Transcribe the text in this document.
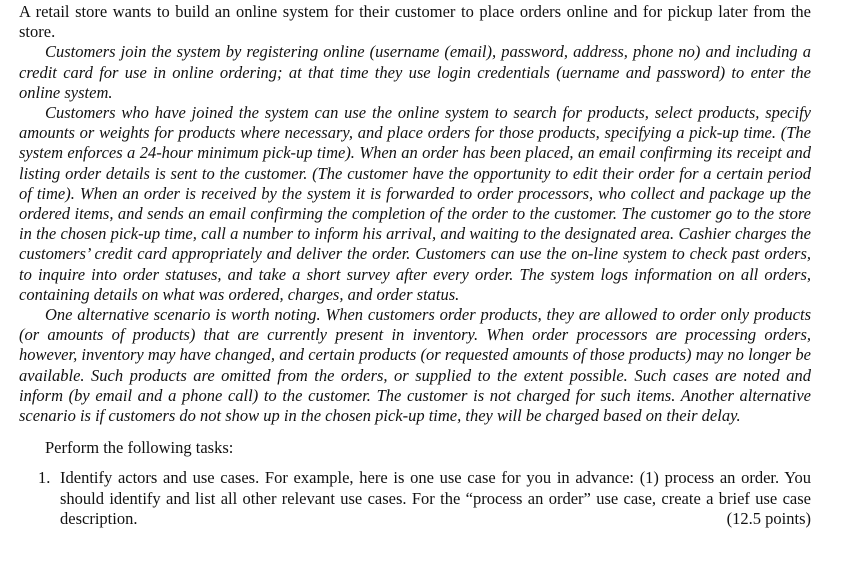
A retail store wants to build an online system for their customer to place orders online and for pickup later from the store.

Customers join the system by registering online (username (email), password, address, phone no) and including a credit card for use in online ordering; at that time they use login credentials (uername and password) to enter the online system.

Customers who have joined the system can use the online system to search for products, select products, specify amounts or weights for products where necessary, and place orders for those products, specifying a pick-up time. (The system enforces a 24-hour minimum pick-up time). When an order has been placed, an email confirming its receipt and listing order details is sent to the customer. (The customer have the opportunity to edit their order for a certain period of time). When an order is received by the system it is forwarded to order processors, who collect and package up the ordered items, and sends an email confirming the completion of the order to the customer. The customer go to the store in the chosen pick-up time, call a number to inform his arrival, and waiting to the designated area. Cashier charges the customers’ credit card appropriately and deliver the order. Customers can use the on-line system to check past orders, to inquire into order statuses, and take a short survey after every order. The system logs information on all orders, containing details on what was ordered, charges, and order status.

One alternative scenario is worth noting. When customers order products, they are allowed to order only products (or amounts of products) that are currently present in inventory. When order processors are processing orders, however, inventory may have changed, and certain products (or requested amounts of those products) may no longer be available. Such products are omitted from the orders, or supplied to the extent possible. Such cases are noted and inform (by email and a phone call) to the customer. The customer is not charged for such items. Another alternative scenario is if customers do not show up in the chosen pick-up time, they will be charged based on their delay.

Perform the following tasks:

1. Identify actors and use cases. For example, here is one use case for you in advance: (1) process an order. You should identify and list all other relevant use cases. For the “process an order” use case, create a brief use case description.	(12.5 points)
